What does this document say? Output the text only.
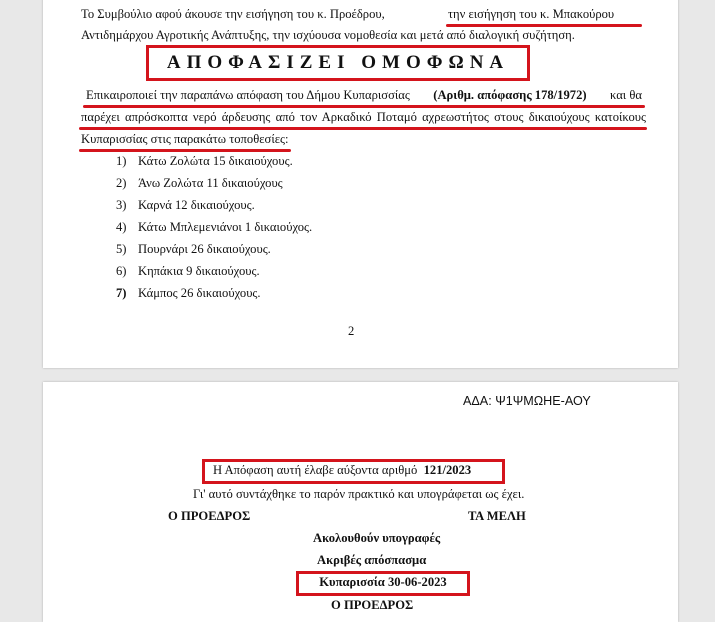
Το Συμβούλιο αφού άκουσε την εισήγηση του κ. Προέδρου,	την εισήγηση του κ. Μπακούρου
Αντιδημάρχου Αγροτικής Ανάπτυξης, την ισχύουσα νομοθεσία και μετά από διαλογική συζήτηση.
ΑΠΟΦΑΣΙΖΕΙ ΟΜΟΦΩΝΑ
Επικαιροποιεί την παραπάνω απόφαση του Δήμου Κυπαρισσίας (Αριθμ. απόφασης 178/1972) και θα
παρέχει απρόσκοπτα νερό άρδευσης από τον Αρκαδικό Ποταμό αχρεωστήτος στους δικαιούχους κατοίκους
Κυπαρισσίας στις παρακάτω τοποθεσίες:
1) Κάτω Ζολώτα 15 δικαιούχους.
2) Άνω Ζολώτα 11 δικαιούχους
3) Καρνά 12 δικαιούχους.
4) Κάτω Μπλεμενιάνοι 1 δικαιούχος.
5) Πουρνάρι 26 δικαιούχους.
6) Κηπάκια 9 δικαιούχους.
7) Κάμπος 26 δικαιούχους.
2
ΑΔΑ: Ψ1ΨΜΩΗΕ-ΑΟΥ
Η Απόφαση αυτή έλαβε αύξοντα αριθμό 121/2023
Γι' αυτό συντάχθηκε το παρόν πρακτικό και υπογράφεται ως έχει.
Ο ΠΡΟΕΔΡΟΣ	ΤΑ ΜΕΛΗ
Ακολουθούν υπογραφές
Ακριβές απόσπασμα
Κυπαρισσία 30-06-2023
Ο ΠΡΟΕΔΡΟΣ
